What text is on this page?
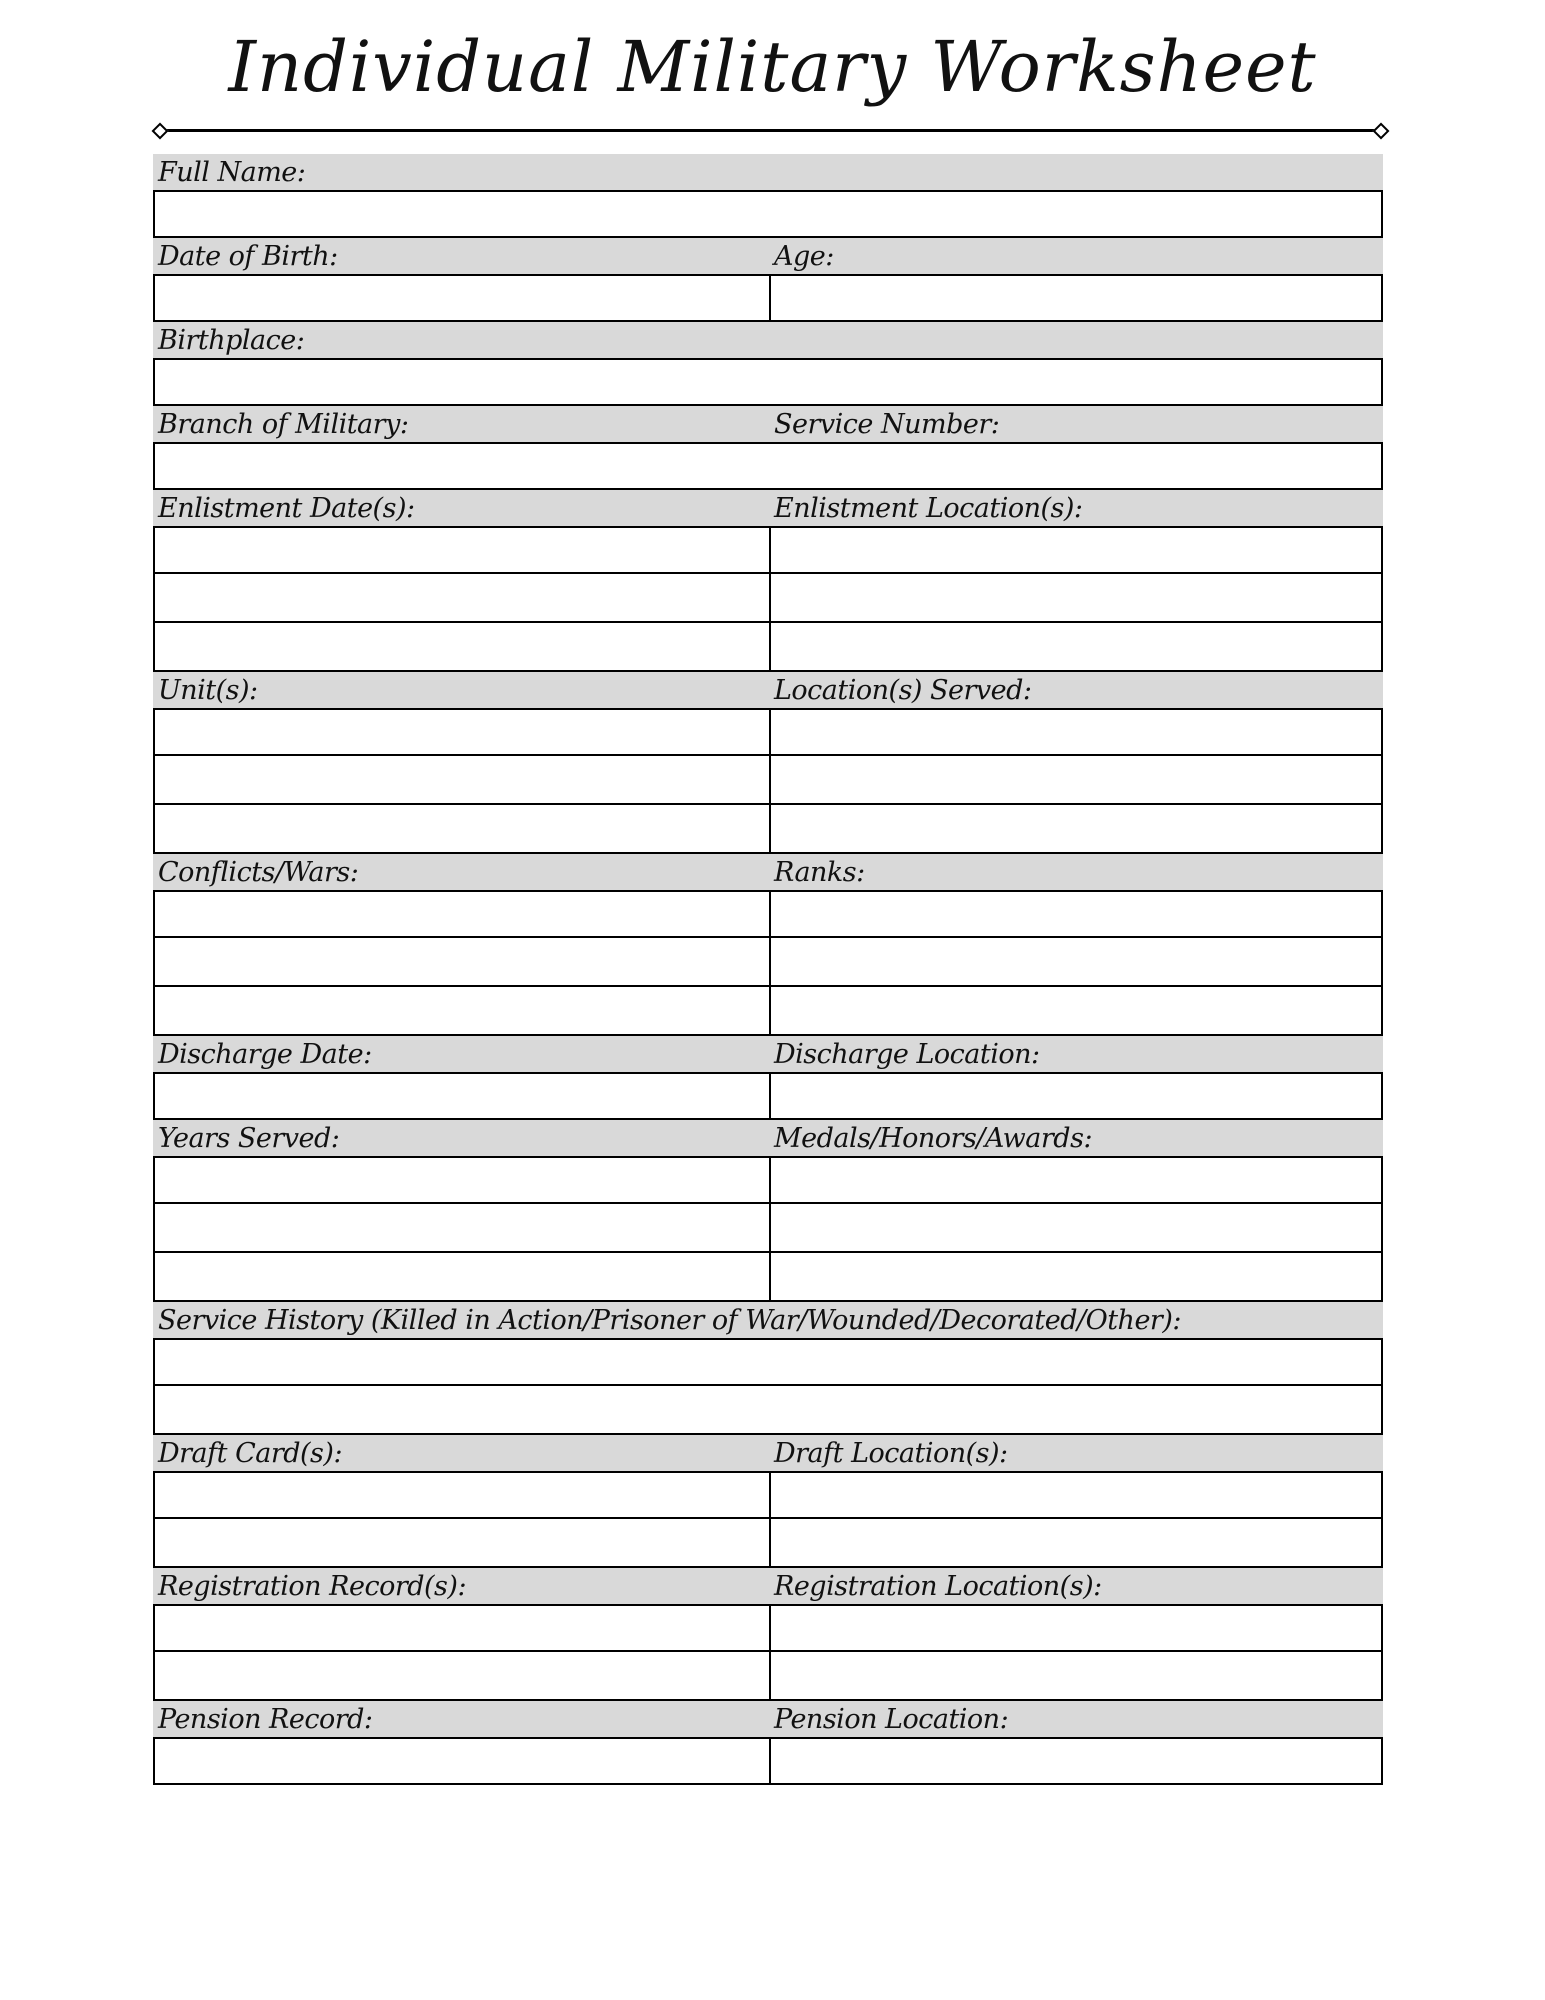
Individual Military Worksheet
Full Name:
Date of Birth:	Age:
Birthplace:
Branch of Military:	Service Number:
Enlistment Date(s):	Enlistment Location(s):
Unit(s):	Location(s) Served:
Conflicts/Wars:	Ranks:
Discharge Date:	Discharge Location:
Years Served:	Medals/Honors/Awards:
Service History (Killed in Action/Prisoner of War/Wounded/Decorated/Other):
Draft Card(s):	Draft Location(s):
Registration Record(s):	Registration Location(s):
Pension Record:	Pension Location:
